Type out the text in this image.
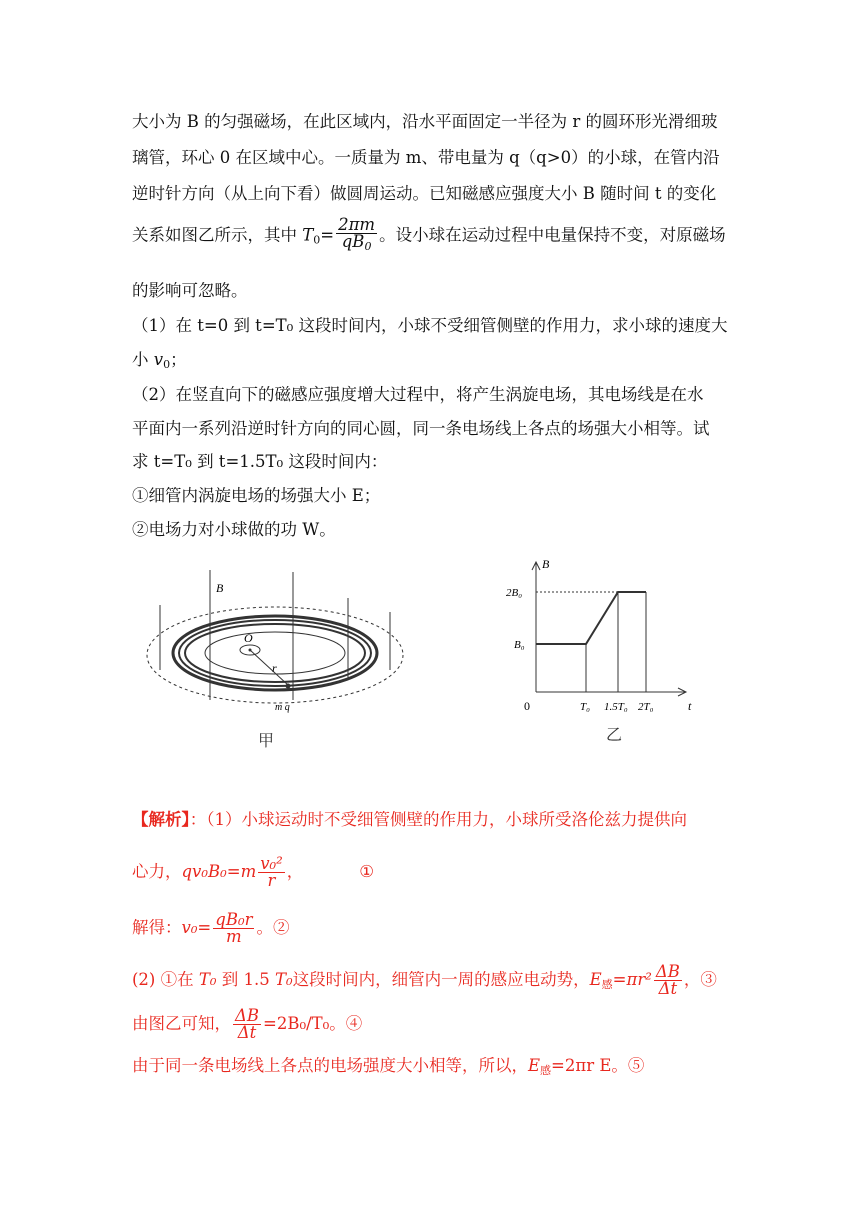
大小为 B 的匀强磁场，在此区域内，沿水平面固定一半径为 r 的圆环形光滑细玻
璃管，环心 0 在区域中心。一质量为 m、带电量为 q（q>0）的小球，在管内沿
逆时针方向（从上向下看）做圆周运动。已知磁感应强度大小 B 随时间 t 的变化
关系如图乙所示，其中 $T_0= \frac{2\pi m}{qB_0}$ 。设小球在运动过程中电量保持不变，对原磁场
的影响可忽略。
（1）在 t=0 到 t=T₀ 这段时间内，小球不受细管侧壁的作用力，求小球的速度大
小 $v_0$；
（2）在竖直向下的磁感应强度增大过程中，将产生涡旋电场，其电场线是在水
平面内一系列沿逆时针方向的同心圆，同一条电场线上各点的场强大小相等。试
求 t=T₀ 到 t=1.5T₀ 这段时间内：
①细管内涡旋电场的场强大小 E；
②电场力对小球做的功 W。
B
O
r
m q
甲
B
t
0
2B₀
B₀
T₀ 1.5T₀ 2T₀
乙
【解析】：（1）小球运动时不受细管侧壁的作用力，小球所受洛伦兹力提供向
心力，$qv_0B_0=m \frac{\text{v₀²}}{r}$ ，	①
解得：$v_0= \frac{\text{qB₀r}}{m}$ 。②
(2) ①在 T₀ 到 1.5 T₀这段时间内，细管内一周的感应电动势，$E_感=\pi r^2 \frac{\Delta B}{\Delta t}$ ，③
由图乙可知， $\frac{\Delta B}{\Delta t} =2B_0/T_0$。④
由于同一条电场线上各点的电场强度大小相等，所以，$E_感=2\pi r$ E。⑤
